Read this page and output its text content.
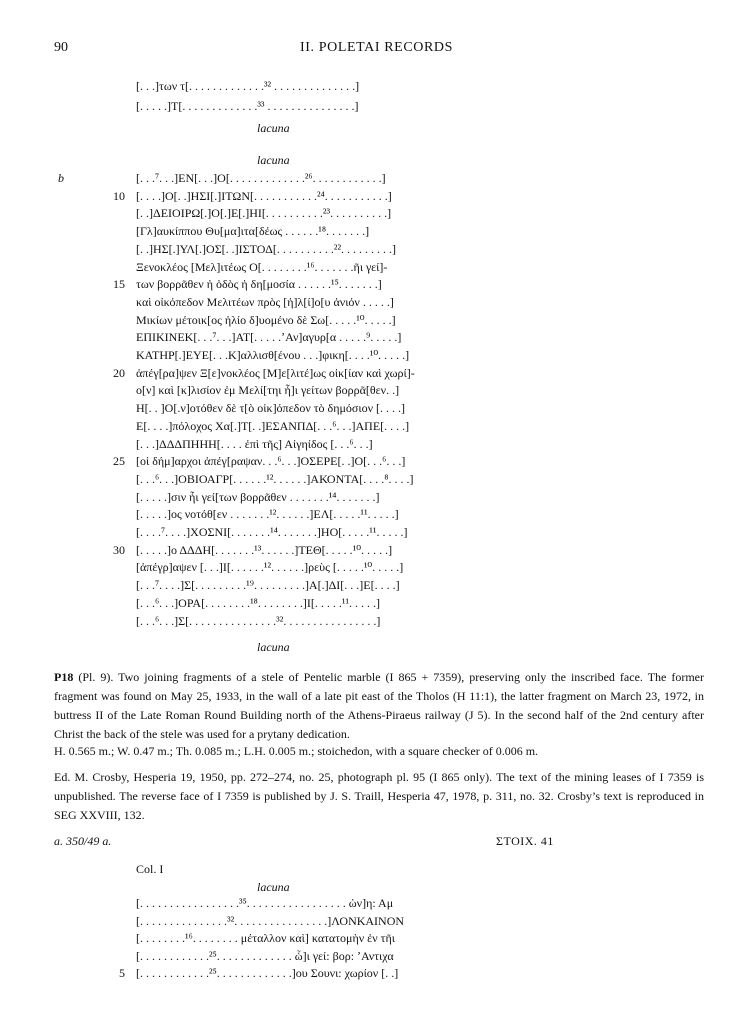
90	II. POLETAI RECORDS
[. . .]των τ[. . . . . . . . . . . . .³² . . . . . . . . . . . . . .]
[. . . . .]Τ[. . . . . . . . . . . . .³³ . . . . . . . . . . . . . . .]
lacuna
lacuna
b	[. . .⁷. . .]ΕΝ[. . .]Ο[. . . . . . . . . . . . .²⁶. . . . . . . . . . . .]
10 [. . . .]Ο[. .]ΗΣΙ[.]ΙΤΩΝ[. . . . . . . . . . .²⁴. . . . . . . . . . .]
[. .]ΔΕΙΟΙΡΩ[.]Ο[.]Ε[.]ΗΙ[. . . . . . . . . .²³. . . . . . . . . .]
[Γλ]αυκίππου Θυ[μα]ιτα[δέως . . . . . .¹⁸. . . . . . .]
[. .]ΗΣ[.]ΥΛ[.]ΟΣ[. .]ΙΣΤΟΔ[. . . . . . . . . .²². . . . . . . . .]
Ξενοκλέος [Μελ]ιτέως Ο[. . . . . . . .¹⁶. . . . . . .ῆι γεί]-
15 των βορρᾶθεν ἡ ὁδὸς ἡ δη[μοσία . . . . . .¹⁵. . . . . . .]
καὶ οἰκόπεδον Μελιτέων πρὸς [ἡ]λ[ί]ο[υ ἀνιόν . . . . .]
Μικίων μέτοικ[ος ἡλίο δ]υομένο δὲ Σω[. . . . .¹⁰. . . . .]
ΕΠΙΚΙΝΕΚ[. . .⁷. . .]ΑΤ[. . . . .ʼΑν]αγυρ[α . . . . .⁹. . . . .]
ΚΑΤΗΡ[.]ΕΥΕ[. . .Κ]αλλισθ[ένου . . .]φικη[. . . .¹⁰. . . . .]
20 ἀπέγ[ρα]ψεν Ξ[ε]νοκλέος [Μ]ε[λιτέ]ως οἰκ[ίαν καὶ χωρί]-
ο[ν] καὶ [κ]λισίον ἐμ Μελί[τηι ἧ]ι γείτων βορρᾶ[θεν. .]
Η[. . ]Ο[.ν]οτόθεν δὲ τ[ὸ οἰκ]όπεδον τὸ δημόσιον [. . . .]
Ε[. . . .]πόλοχος Χα[.]Τ[. .]ΕΣΑΝΠΔ[. . .⁶. . .]ΑΠΕ[. . . .]
[. . .]ΔΔΔΠΗΗΗ[. . . . ἐπὶ τῆς] Αἰγηίδος [. . .⁶. . .]
25 [οἱ δήμ]αρχοι ἀπέγ[ραψαν. . .⁶. . .]ΟΣΕΡΕ[. .]Ο[. . .⁶. . .]
[. . .⁶. . .]ΟΒΙΟΑΓΡ[. . . . . .¹². . . . . .]ΑΚΟΝΤΑ[. . . .⁸. . . .]
[. . . . .]σιν ἧι γεί[των βορρᾶθεν . . . . . . .¹⁴. . . . . . .]
[. . . . .]ος νοτόθ[εν . . . . . . .¹². . . . . .]ΕΛ[. . . . .¹¹. . . . .]
[. . . .⁷. . . .]ΧΟΣΝΙ[. . . . . . .¹⁴. . . . . . .]ΗΟ[. . . . .¹¹. . . . .]
30 [. . . . .]ο ΔΔΔΗ[. . . . . . .¹³. . . . . .]ΤΕΘ[. . . . .¹⁰. . . . .]
[ἀπέγρ]αψεν [. . .]Ι[. . . . . .¹². . . . . .]ρεὺς [. . . . .¹⁰. . . . .]
[. . .⁷. . . .]Σ[. . . . . . . . .¹⁹. . . . . . . . .]Α[.]ΔΙ[. . .]Ε[. . . .]
[. . .⁶. . .]ΟΡΑ[. . . . . . . .¹⁸. . . . . . . .]Ι[. . . . .¹¹. . . . .]
[. . .⁶. . .]Σ[. . . . . . . . . . . . . . .³². . . . . . . . . . . . . . . .]
lacuna
P18 (Pl. 9). Two joining fragments of a stele of Pentelic marble (I 865 + 7359), preserving only the inscribed face. The former fragment was found on May 25, 1933, in the wall of a late pit east of the Tholos (H 11:1), the latter fragment on March 23, 1972, in buttress II of the Late Roman Round Building north of the Athens-Piraeus railway (J 5). In the second half of the 2nd century after Christ the back of the stele was used for a prytany dedication.
H. 0.565 m.; W. 0.47 m.; Th. 0.085 m.; L.H. 0.005 m.; stoichedon, with a square checker of 0.006 m.
Ed. M. Crosby, Hesperia 19, 1950, pp. 272–274, no. 25, photograph pl. 95 (I 865 only). The text of the mining leases of I 7359 is unpublished. The reverse face of I 7359 is published by J. S. Traill, Hesperia 47, 1978, p. 311, no. 32. Crosby’s text is reproduced in SEG XXVIII, 132.
a. 350/49 a.	ΣΤΟΙΧ. 41
Col. I
lacuna
[. . . . . . . . . . . . . . . . .³⁵. . . . . . . . . . . . . . . . . ὠν]η: Αμ
[. . . . . . . . . . . . . . .³². . . . . . . . . . . . . . . .]ΛΟΝΚΑΙΝΟΝ
[. . . . . . . .¹⁶. . . . . . . . μέταλλον καὶ] κατατομὴν ἐν τῆι
[. . . . . . . . . . . .²⁵. . . . . . . . . . . . . ὧ]ι γεί: βορ: ʼΑντιχα
5 [. . . . . . . . . . . .²⁵. . . . . . . . . . . . .]ου Σουνι: χωρίον [. .]
